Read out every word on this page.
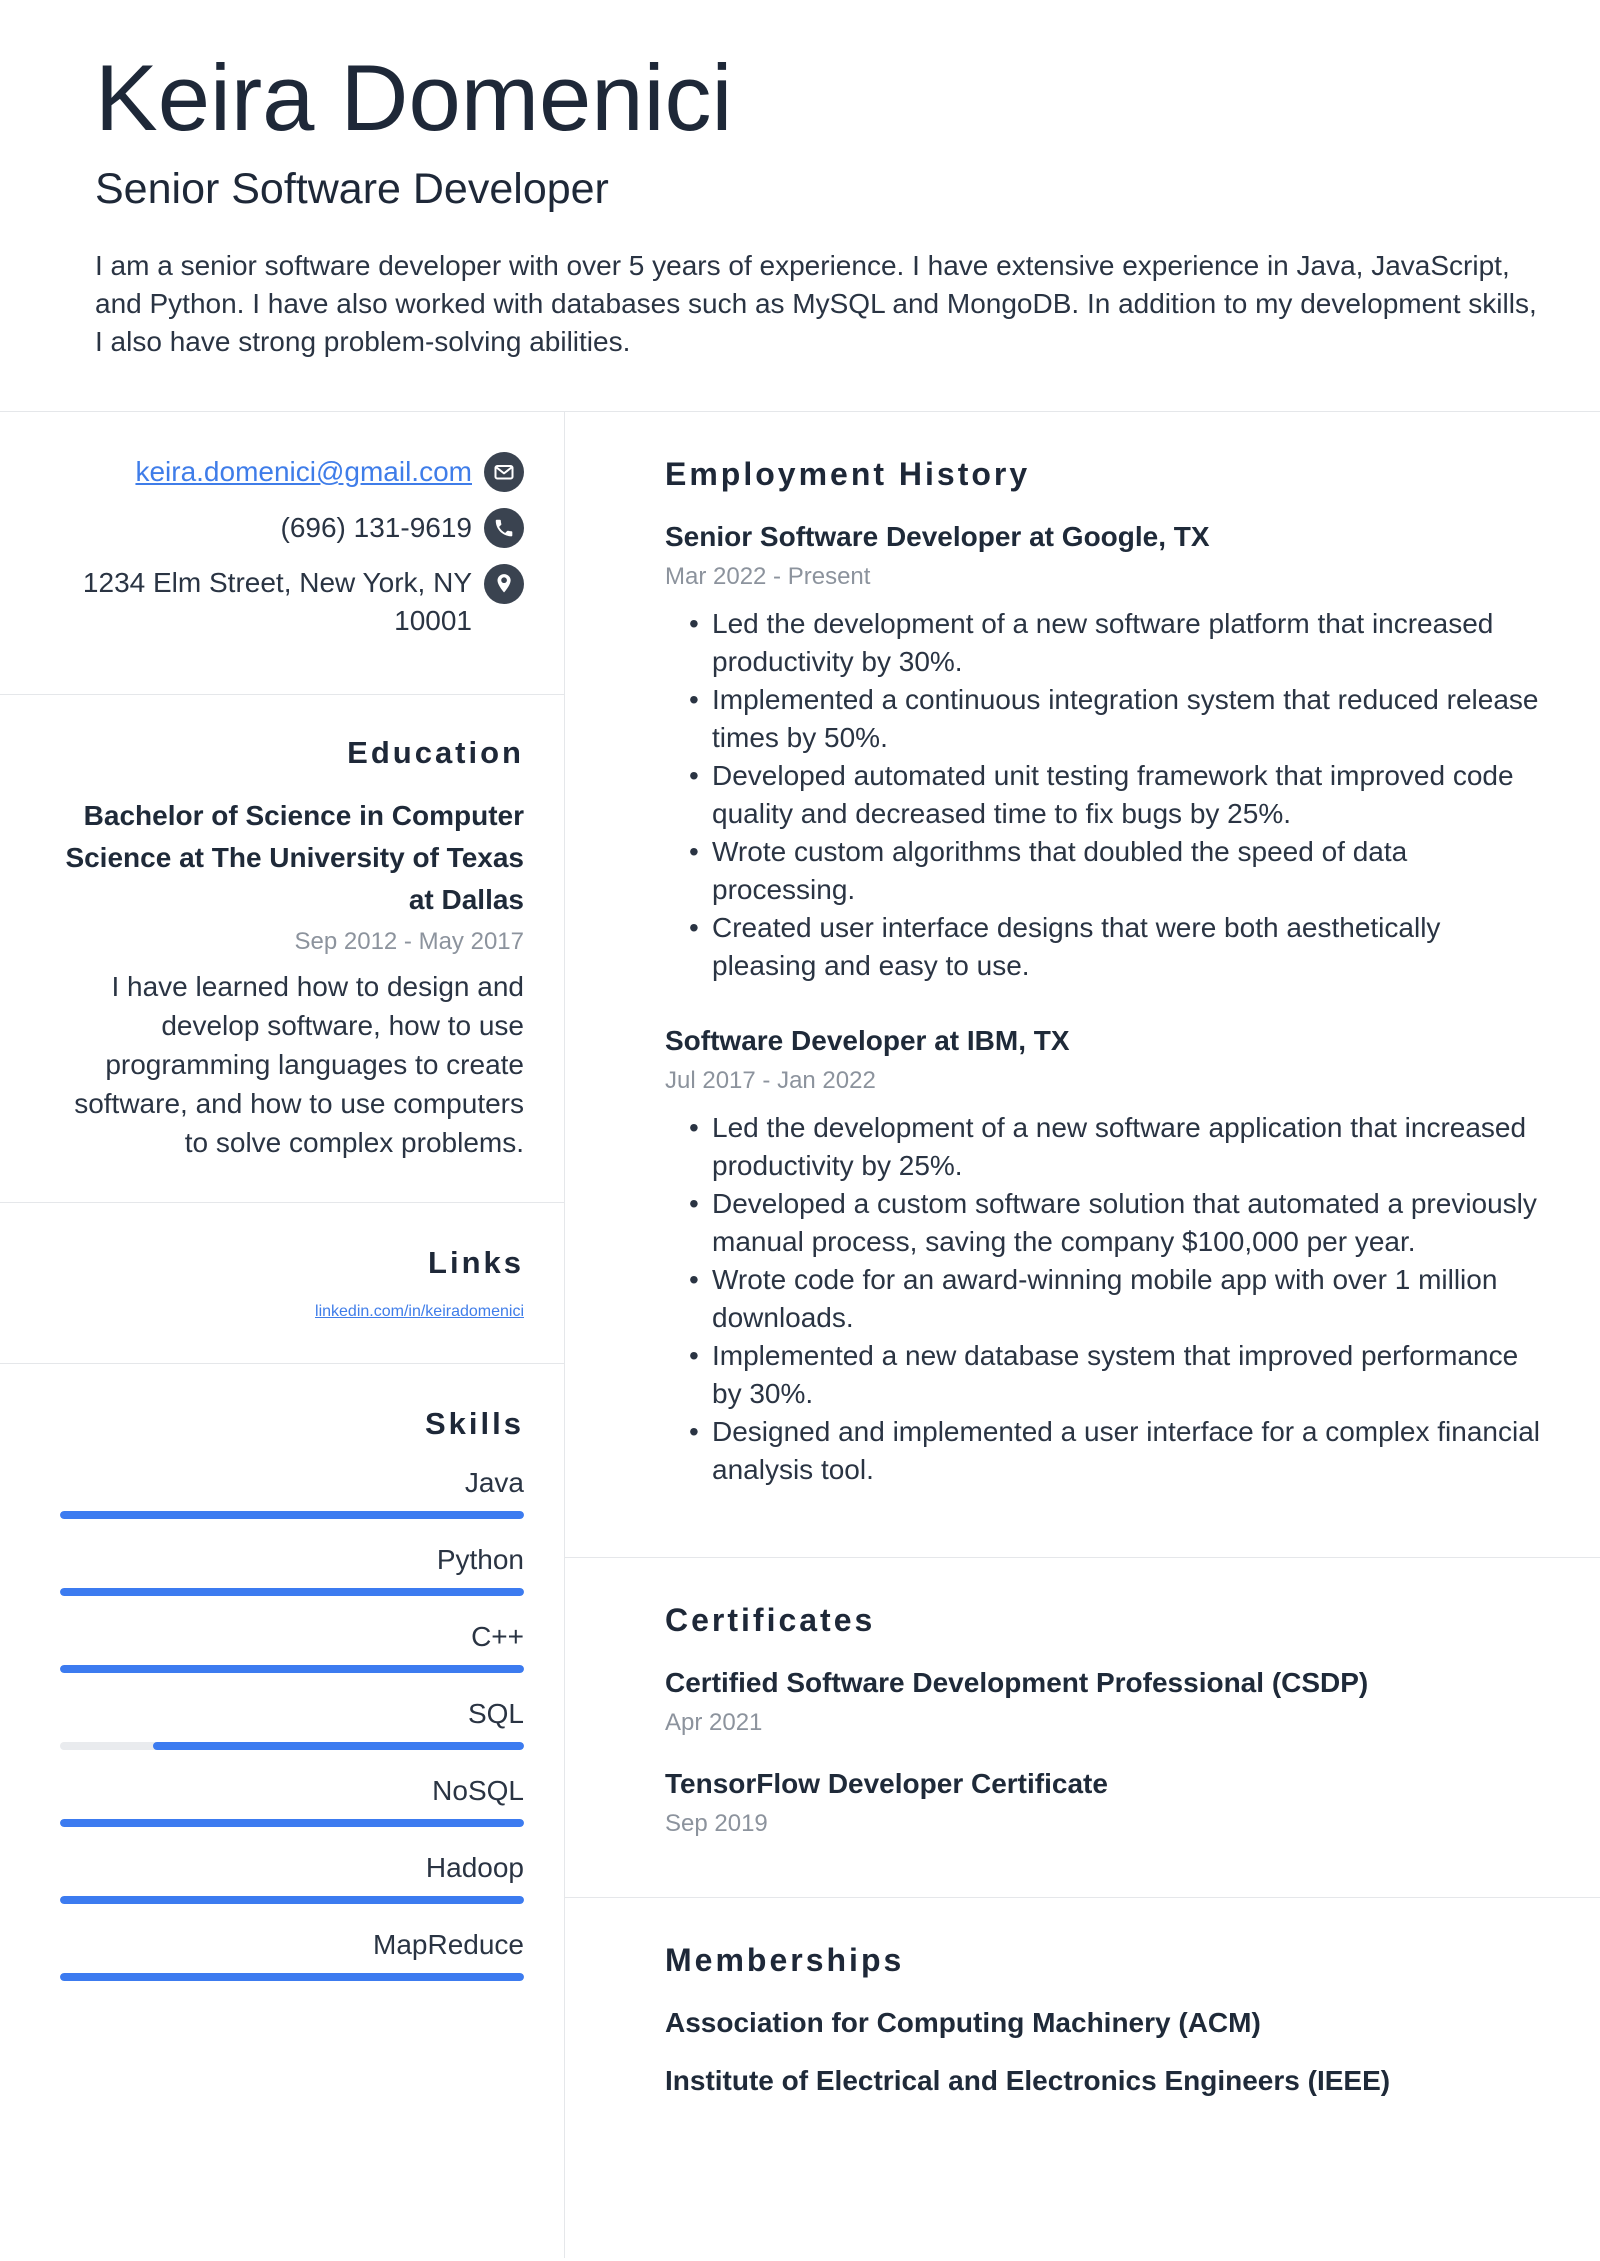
Keira Domenici
Senior Software Developer

I am a senior software developer with over 5 years of experience. I have extensive experience in Java, JavaScript, and Python. I have also worked with databases such as MySQL and MongoDB. In addition to my development skills, I also have strong problem-solving abilities.

keira.domenici@gmail.com
(696) 131-9619
1234 Elm Street, New York, NY
10001
Education
Bachelor of Science in Computer Science at The University of Texas at Dallas
Sep 2012 - May 2017

I have learned how to design and develop software, how to use programming languages to create software, and how to use computers to solve complex problems.

Links
linkedin.com/in/keiradomenici
Skills
Java
Python
C++
SQL
NoSQL
Hadoop
MapReduce
Employment History
Senior Software Developer at Google, TX
Mar 2022 - Present
• Led the development of a new software platform that increased productivity by 30%.
• Implemented a continuous integration system that reduced release times by 50%.
• Developed automated unit testing framework that improved code quality and decreased time to fix bugs by 25%.
• Wrote custom algorithms that doubled the speed of data processing.
• Created user interface designs that were both aesthetically pleasing and easy to use.
Software Developer at IBM, TX
Jul 2017 - Jan 2022
• Led the development of a new software application that increased productivity by 25%.
• Developed a custom software solution that automated a previously manual process, saving the company $100,000 per year.
• Wrote code for an award-winning mobile app with over 1 million downloads.
• Implemented a new database system that improved performance by 30%.
• Designed and implemented a user interface for a complex financial analysis tool.
Certificates
Certified Software Development Professional (CSDP)
Apr 2021
TensorFlow Developer Certificate
Sep 2019
Memberships
Association for Computing Machinery (ACM)
Institute of Electrical and Electronics Engineers (IEEE)
